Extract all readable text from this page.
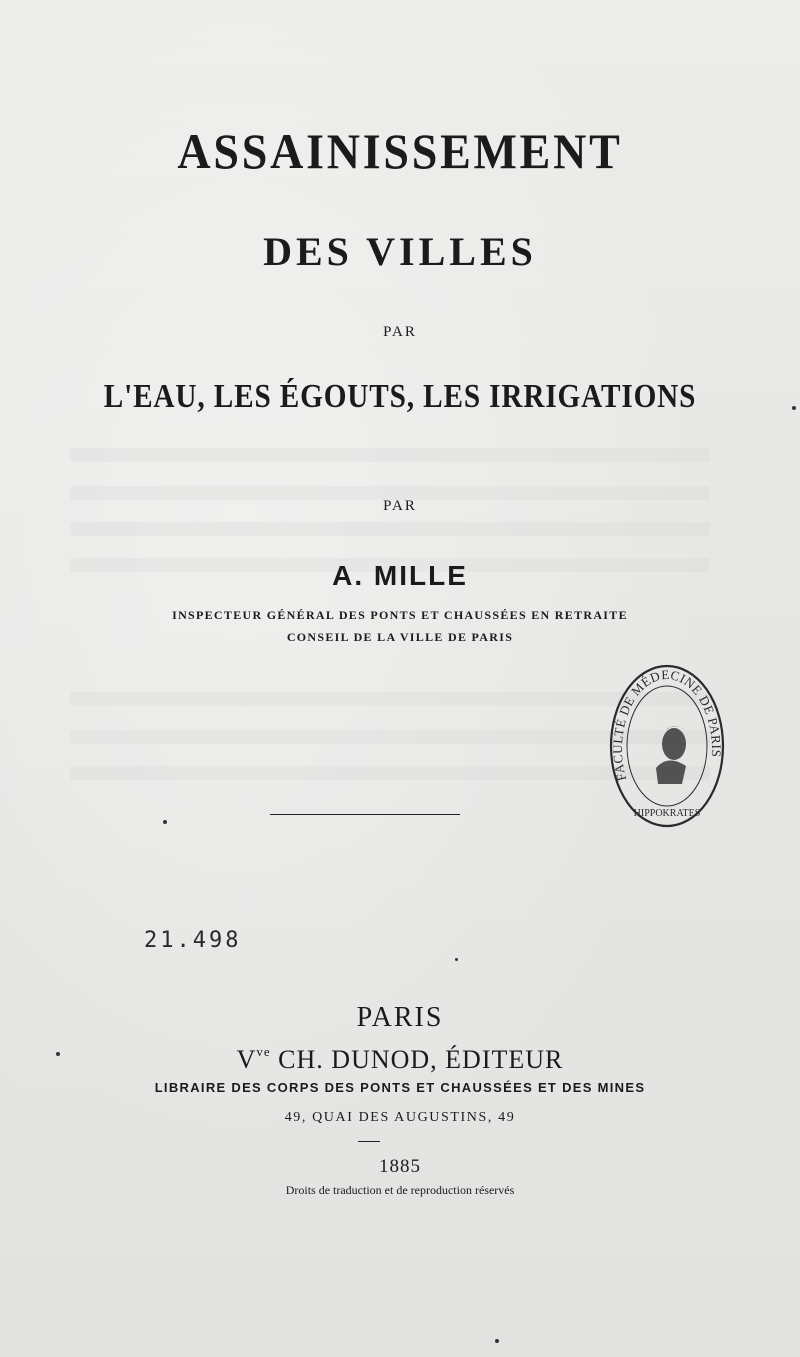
ASSAINISSEMENT
DES VILLES
PAR
L'EAU, LES ÉGOUTS, LES IRRIGATIONS
PAR
A. MILLE
INSPECTEUR GÉNÉRAL DES PONTS ET CHAUSSÉES EN RETRAITE
CONSEIL DE LA VILLE DE PARIS
FACULTÉ DE MÉDECINE DE PARIS
HIPPOKRATES
21.498
PARIS
$V^{ve}$ CH. DUNOD, ÉDITEUR
LIBRAIRE DES CORPS DES PONTS ET CHAUSSÉES ET DES MINES
49, QUAI DES AUGUSTINS, 49
1885
Droits de traduction et de reproduction réservés
